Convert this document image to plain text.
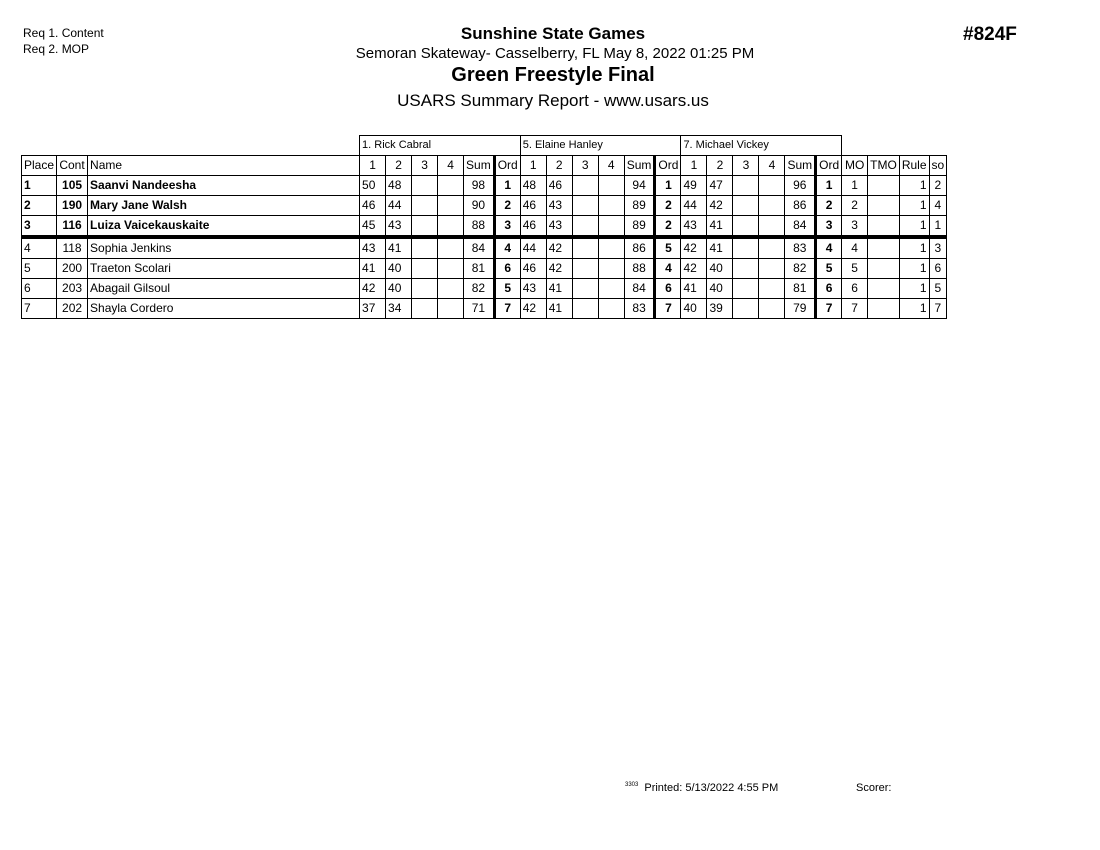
Req 1. Content
Req 2. MOP
Sunshine State Games
Semoran Skateway- Casselberry, FL May 8, 2022 01:25 PM
Green Freestyle Final
USARS Summary Report - www.usars.us
#824F
			1. Rick Cabral						5. Elaine Hanley						7. Michael Vickey									
Place	Cont	Name	1	2	3	4	Sum	Ord	1	2	3	4	Sum	Ord	1	2	3	4	Sum	Ord	MO	TMO	Rule	so
1	105	Saanvi Nandeesha	50	48			98	1	48	46			94	1	49	47			96	1	1		1	2
2	190	Mary Jane Walsh	46	44			90	2	46	43			89	2	44	42			86	2	2		1	4
3	116	Luiza Vaicekauskaite	45	43			88	3	46	43			89	2	43	41			84	3	3		1	1
4	118	Sophia Jenkins	43	41			84	4	44	42			86	5	42	41			83	4	4		1	3
5	200	Traeton Scolari	41	40			81	6	46	42			88	4	42	40			82	5	5		1	6
6	203	Abagail Gilsoul	42	40			82	5	43	41			84	6	41	40			81	6	6		1	5
7	202	Shayla Cordero	37	34			71	7	42	41			83	7	40	39			79	7	7		1	7
$^{3303}$ Printed: 5/13/2022 4:55 PM	Scorer:
